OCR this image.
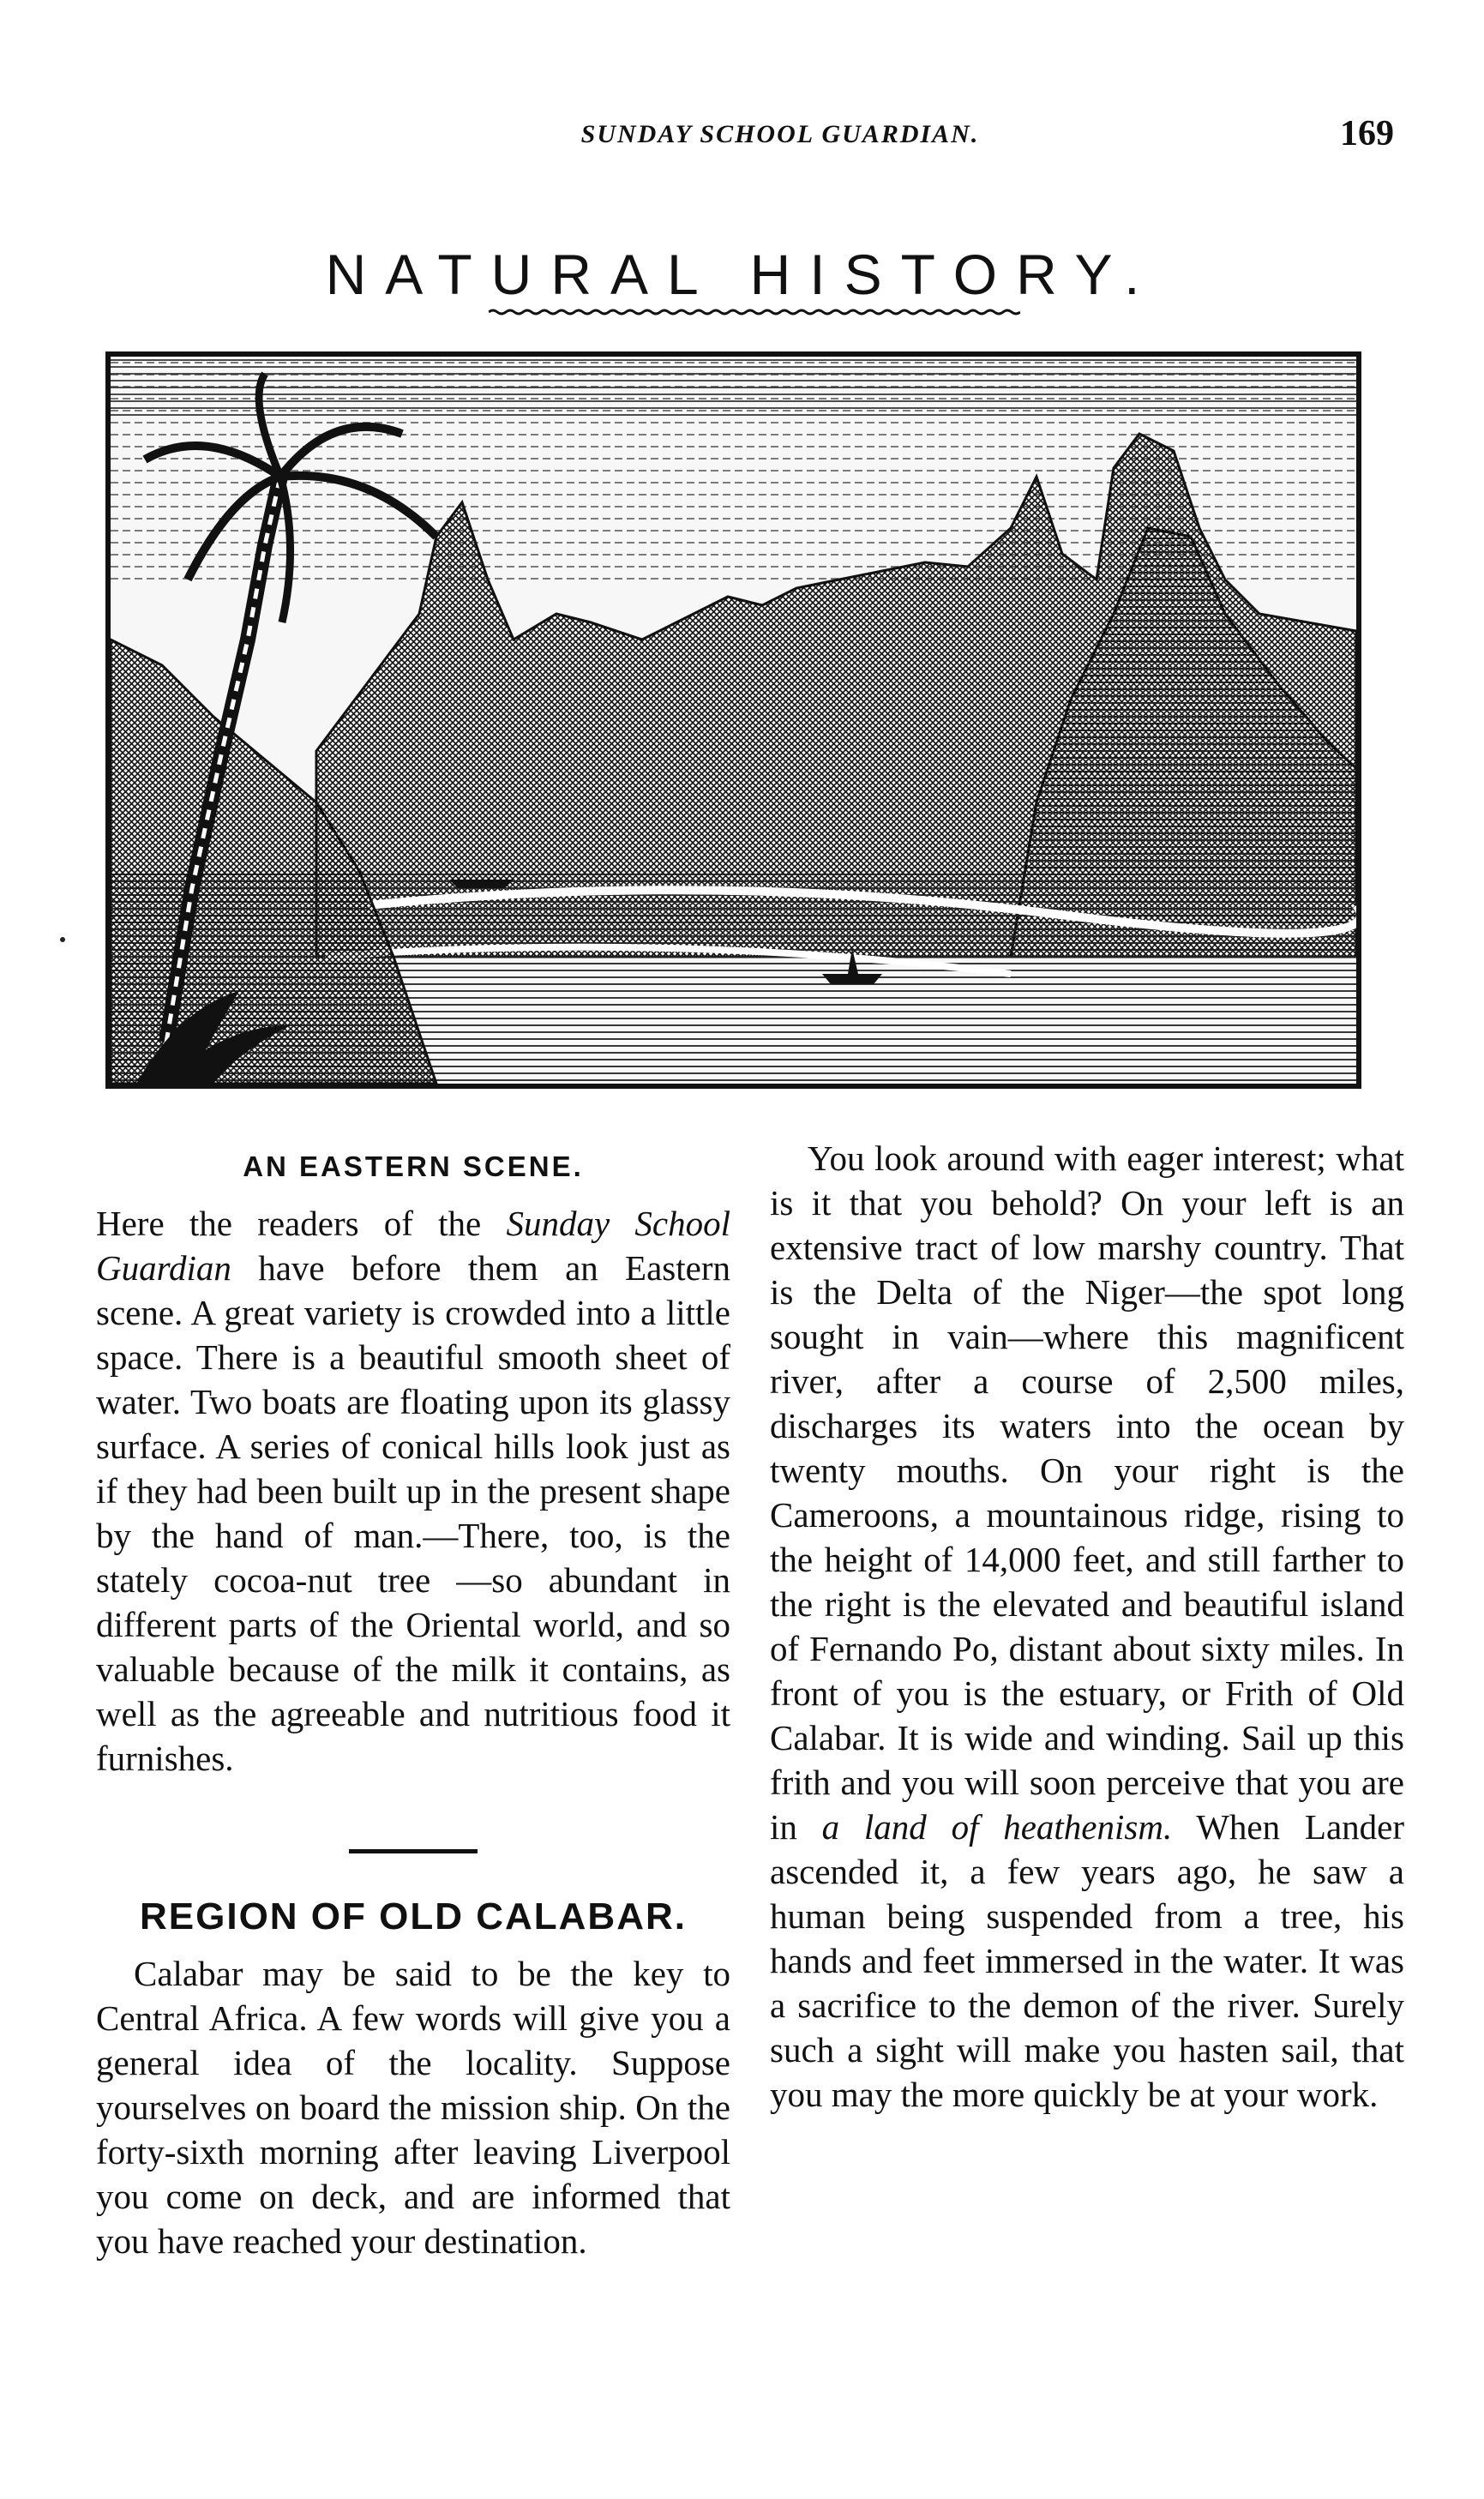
SUNDAY SCHOOL GUARDIAN.	169
NATURAL HISTORY.
AN EASTERN SCENE.

Here the readers of the Sunday School Guardian have before them an Eastern scene. A great variety is crowded into a little space. There is a beautiful smooth sheet of water. Two boats are floating upon its glassy surface. A series of conical hills look just as if they had been built up in the present shape by the hand of man.—There, too, is the stately cocoa-nut tree —so abundant in different parts of the Oriental world, and so valuable because of the milk it contains, as well as the agreeable and nutritious food it furnishes.

REGION OF OLD CALABAR.

Calabar may be said to be the key to Central Africa. A few words will give you a general idea of the locality. Suppose yourselves on board the mission ship. On the forty-sixth morning after leaving Liverpool you come on deck, and are informed that you have reached your destination.

You look around with eager interest; what is it that you behold? On your left is an extensive tract of low marshy country. That is the Delta of the Niger—the spot long sought in vain—where this magnificent river, after a course of 2,500 miles, discharges its waters into the ocean by twenty mouths. On your right is the Cameroons, a mountainous ridge, rising to the height of 14,000 feet, and still farther to the right is the elevated and beautiful island of Fernando Po, distant about sixty miles. In front of you is the estuary, or Frith of Old Calabar. It is wide and winding. Sail up this frith and you will soon perceive that you are in a land of heathenism. When Lander ascended it, a few years ago, he saw a human being suspended from a tree, his hands and feet immersed in the water. It was a sacrifice to the demon of the river. Surely such a sight will make you hasten sail, that you may the more quickly be at your work.
